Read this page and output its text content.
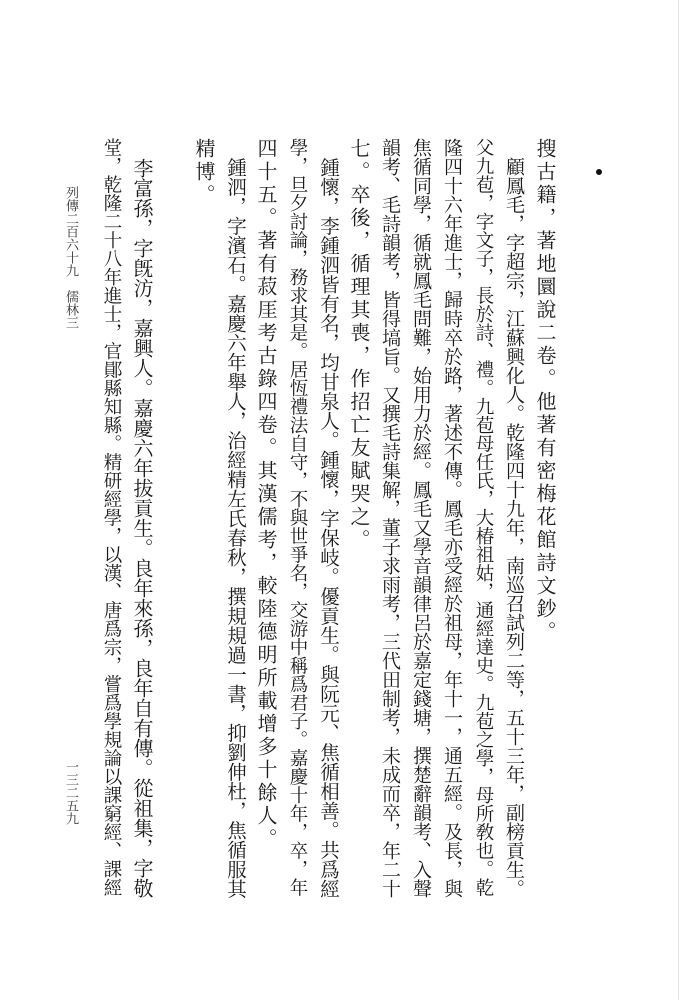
搜古籍，著地圜說二卷。他著有密梅花館詩文鈔。
　顧鳳毛，字超宗，江蘇興化人。乾隆四十九年，南巡召試列二等，五十三年，副榜貢生。
父九苞，字文子，長於詩、禮。九苞母任氏，大椿祖姑，通經達史。九苞之學，母所敎也。乾
隆四十六年進士，歸時卒於路，著述不傳。鳳毛亦受經於祖母，年十一，通五經。及長，與
焦循同學，循就鳳毛問難，始用力於經。鳳毛又學音韻律呂於嘉定錢塘，撰楚辭韻考、入聲
韻考、毛詩韻考，皆得塙旨。又撰毛詩集解，董子求雨考，三代田制考，未成而卒，年二十
七。卒後，循理其喪，作招亡友賦哭之。
　鍾懷，李鍾泗皆有名，均甘泉人。鍾懷，字保岐。優貢生。與阮元、焦循相善。共爲經
學，旦夕討論，務求其是。居恆禮法自守，不與世爭名，交游中稱爲君子。嘉慶十年，卒，年
四十五。著有菽厓考古錄四卷。其漢儒考，較陸德明所載增多十餘人。
　鍾泗，字濱石。嘉慶六年舉人，治經精左氏春秋，撰規規過一書，抑劉伸杜，焦循服其
精博。
　李富孫，字旣汸，嘉興人。嘉慶六年拔貢生。良年來孫，良年自有傳。從祖集，字敬
堂，乾隆二十八年進士，官鄖縣知縣。精研經學，以漢、唐爲宗，嘗爲學規論以課窮經、課經
列傳二百六十九　儒林三
一三二五九
